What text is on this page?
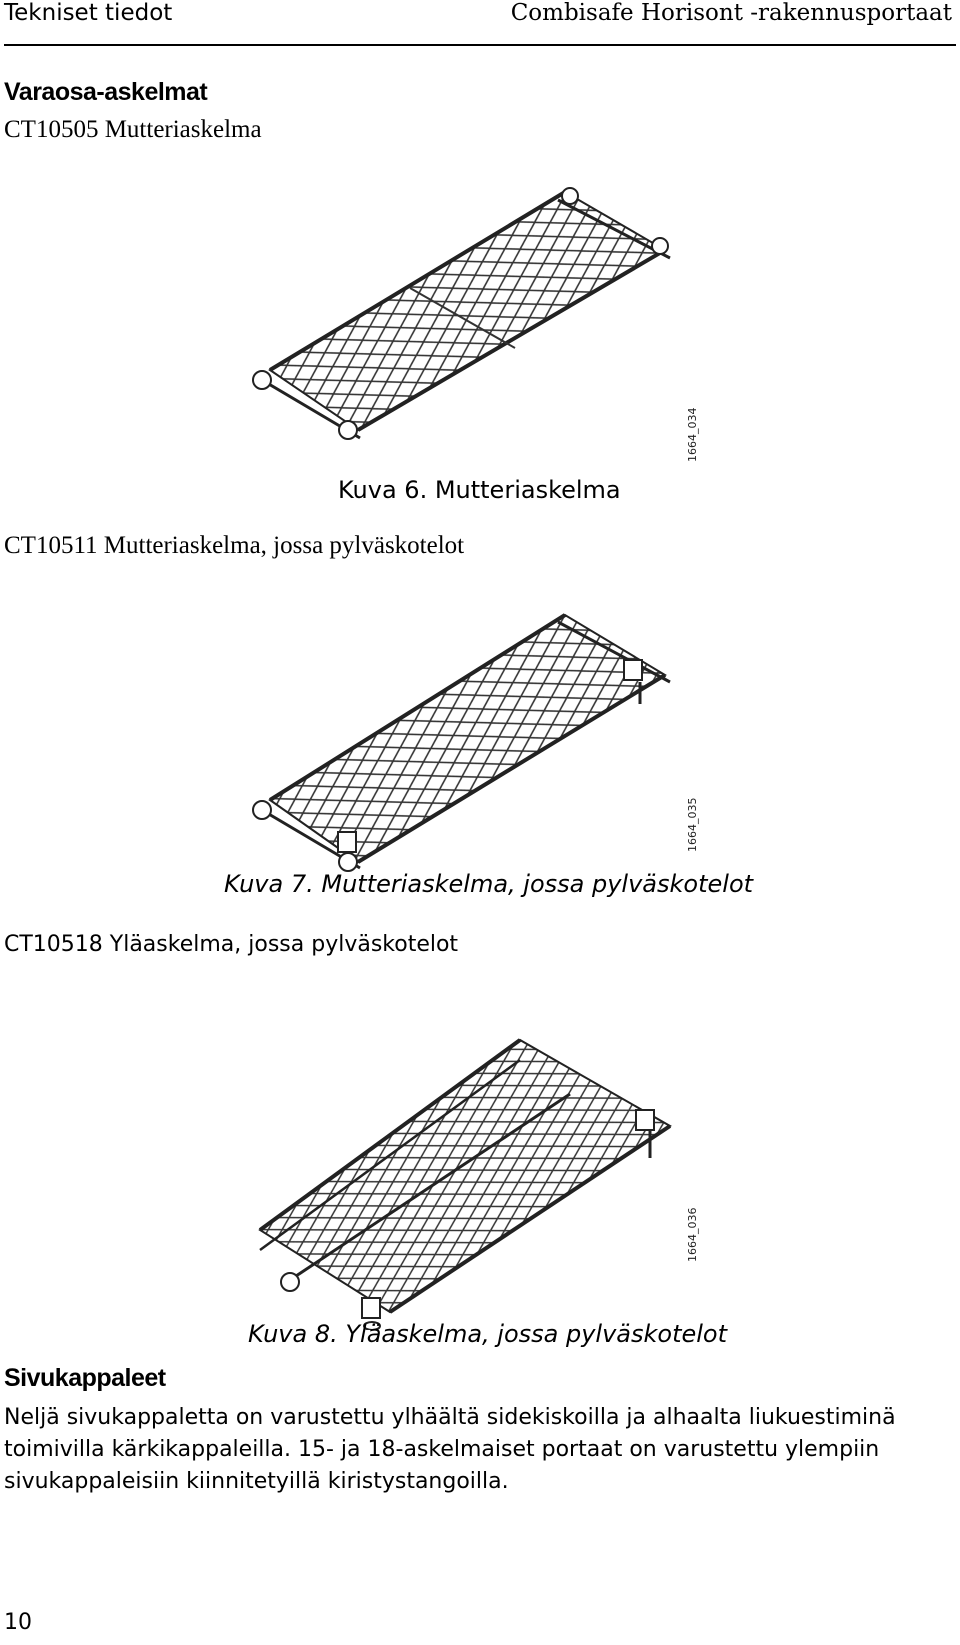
Tekniset tiedot	Combisafe Horisont -rakennusportaat
Varaosa-askelmat
CT10505 Mutteriaskelma
1664_034
Kuva 6. Mutteriaskelma
CT10511 Mutteriaskelma, jossa pylväskotelot
1664_035
Kuva 7. Mutteriaskelma, jossa pylväskotelot
CT10518 Yläaskelma, jossa pylväskotelot
1664_036
Kuva 8. Yläaskelma, jossa pylväskotelot
Sivukappaleet
Neljä sivukappaletta on varustettu ylhäältä sidekiskoilla ja alhaalta liukuestiminä
toimivilla kärkikappaleilla. 15- ja 18-askelmaiset portaat on varustettu ylempiin
sivukappaleisiin kiinnitetyillä kiristystangoilla.
10
